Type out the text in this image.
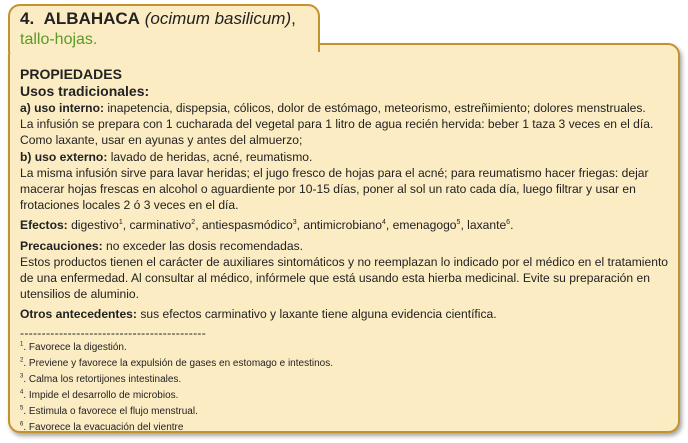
4. ALBAHACA (ocimum basilicum),
tallo-hojas.

PROPIEDADES

Usos tradicionales:

a) uso interno: inapetencia, dispepsia, cólicos, dolor de estómago, meteorismo, estreñimiento; dolores menstruales.

La infusión se prepara con 1 cucharada del vegetal para 1 litro de agua recién hervida: beber 1 taza 3 veces en el día. Como laxante, usar en ayunas y antes del almuerzo;

b) uso externo: lavado de heridas, acné, reumatismo.

La misma infusión sirve para lavar heridas; el jugo fresco de hojas para el acné; para reumatismo hacer friegas: dejar macerar hojas frescas en alcohol o aguardiente por 10-15 días, poner al sol un rato cada día, luego filtrar y usar en frotaciones locales 2 ó 3 veces en el día.

Efectos: digestivo$^1$, carminativo$^2$, antiespasmódico$^3$, antimicrobiano$^4$, emenagogo$^5$, laxante$^6$.

Precauciones: no exceder las dosis recomendadas.

Estos productos tienen el carácter de auxiliares sintomáticos y no reemplazan lo indicado por el médico en el tratamiento de una enfermedad. Al consultar al médico, infórmele que está usando esta hierba medicinal. Evite su preparación en utensilios de aluminio.

Otros antecedentes: sus efectos carminativo y laxante tiene alguna evidencia científica.

-------------------------------------------

$^1$. Favorece la digestión.

$^2$. Previene y favorece la expulsión de gases en estomago e intestinos.

$^3$. Calma los retortijones intestinales.

$^4$. Impide el desarrollo de microbios.

$^5$. Estimula o favorece el flujo menstrual.

$^6$. Favorece la evacuación del vientre
